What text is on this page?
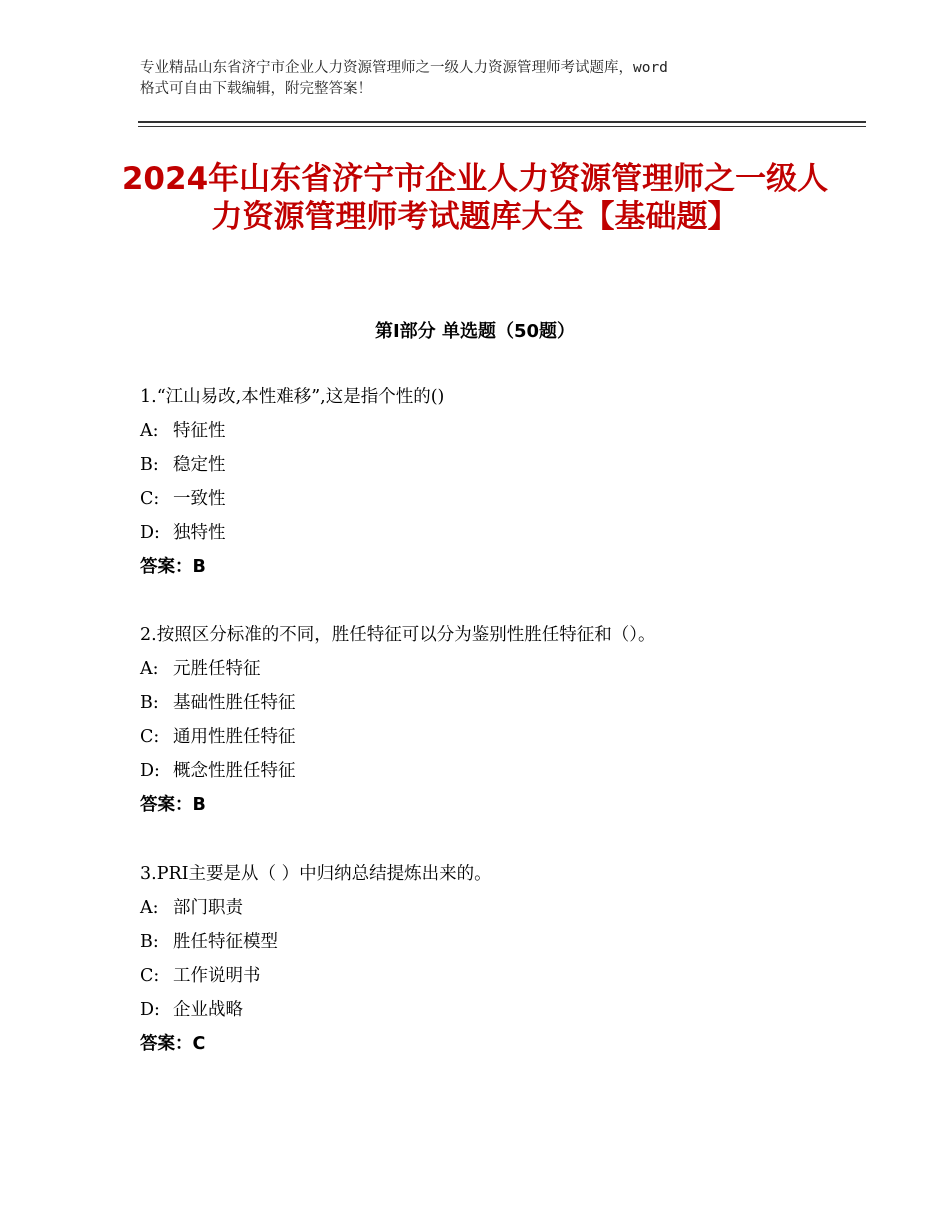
专业精品山东省济宁市企业人力资源管理师之一级人力资源管理师考试题库，word
格式可自由下载编辑，附完整答案！
2024年山东省济宁市企业人力资源管理师之一级人力资源管理师考试题库大全【基础题】
第Ⅰ部分 单选题（50题）
1.“江山易改,本性难移”,这是指个性的()
A: 特征性
B: 稳定性
C: 一致性
D: 独特性
答案：B
2.按照区分标准的不同，胜任特征可以分为鉴别性胜任特征和（）。
A: 元胜任特征
B: 基础性胜任特征
C: 通用性胜任特征
D: 概念性胜任特征
答案：B
3.PRI主要是从（ ）中归纳总结提炼出来的。
A: 部门职责
B: 胜任特征模型
C: 工作说明书
D: 企业战略
答案：C
